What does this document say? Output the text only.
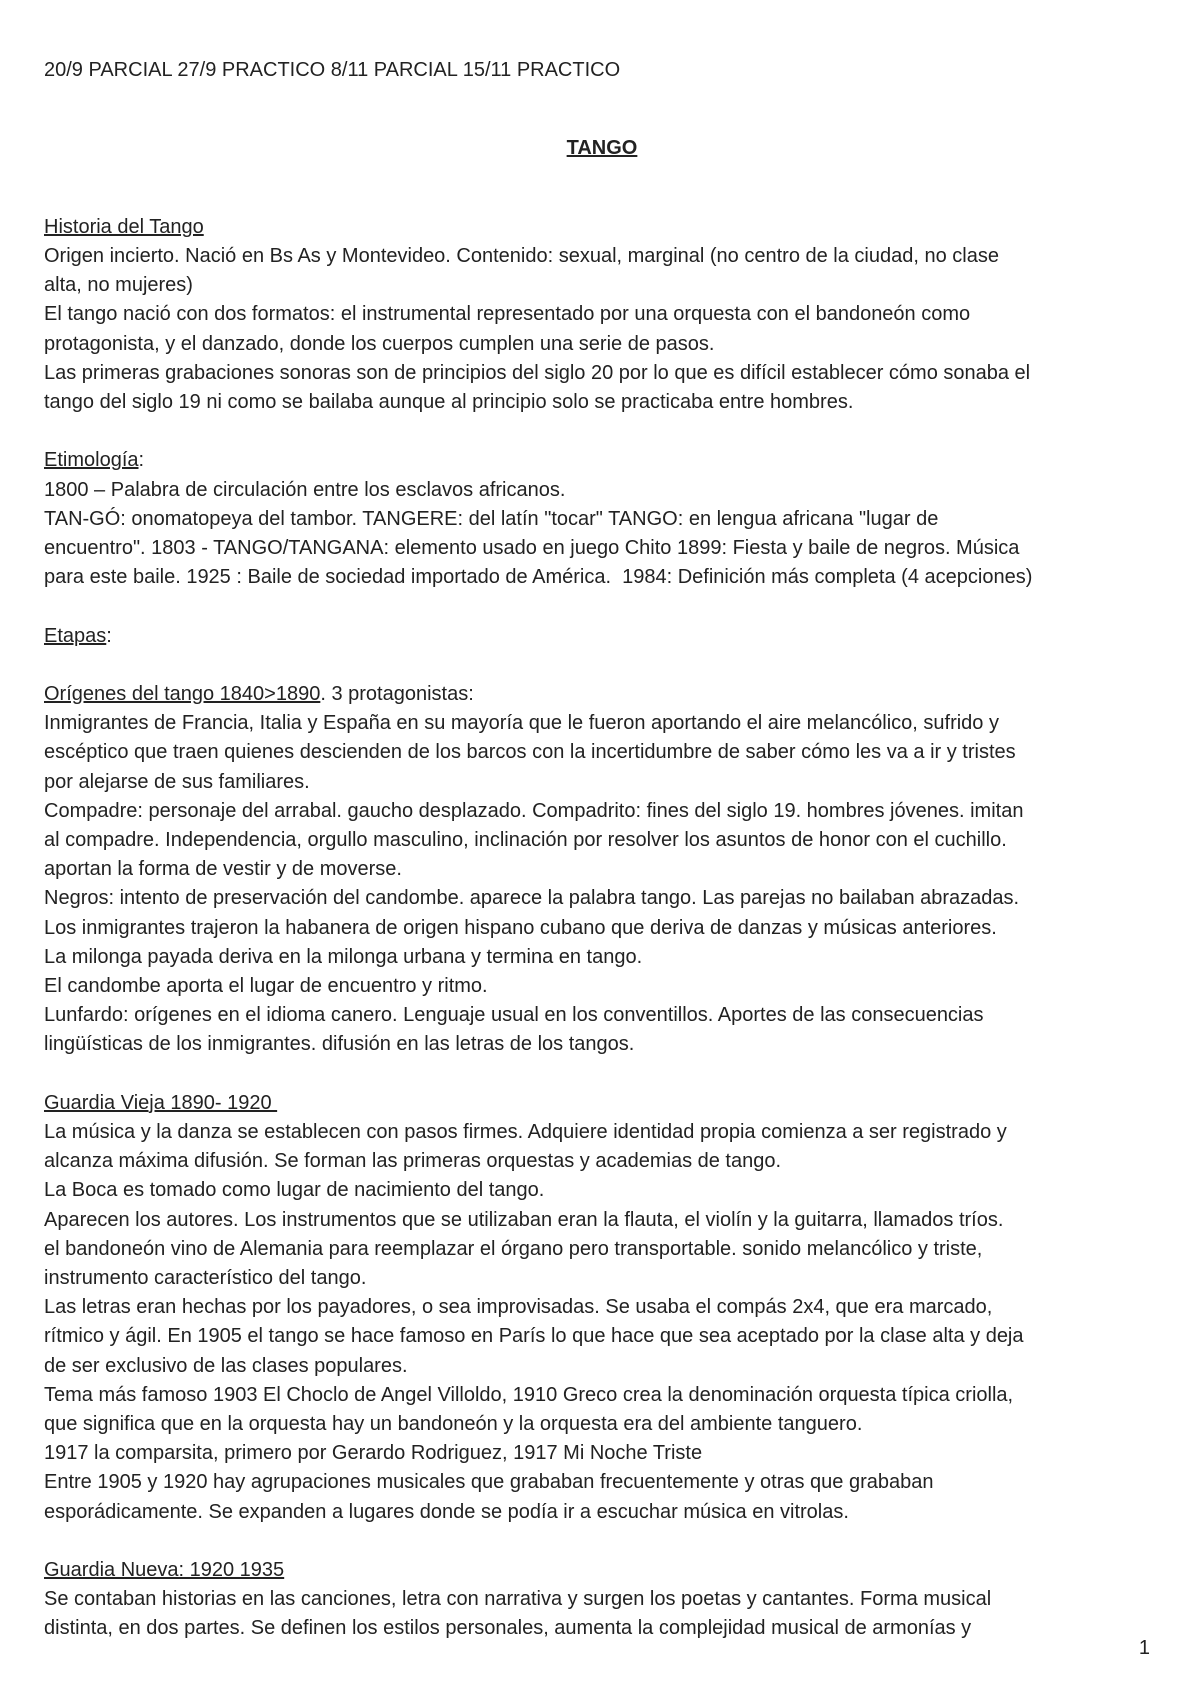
20/9 PARCIAL 27/9 PRACTICO 8/11 PARCIAL 15/11 PRACTICO

TANGO

Historia del Tango

Origen incierto. Nació en Bs As y Montevideo. Contenido: sexual, marginal (no centro de la ciudad, no clase

alta, no mujeres)

El tango nació con dos formatos: el instrumental representado por una orquesta con el bandoneón como

protagonista, y el danzado, donde los cuerpos cumplen una serie de pasos.

Las primeras grabaciones sonoras son de principios del siglo 20 por lo que es difícil establecer cómo sonaba el

tango del siglo 19 ni como se bailaba aunque al principio solo se practicaba entre hombres.

Etimología:

1800 – Palabra de circulación entre los esclavos africanos.

TAN-GÓ: onomatopeya del tambor. TANGERE: del latín "tocar" TANGO: en lengua africana "lugar de

encuentro". 1803 - TANGO/TANGANA: elemento usado en juego Chito 1899: Fiesta y baile de negros. Música

para este baile. 1925 : Baile de sociedad importado de América.  1984: Definición más completa (4 acepciones)

Etapas:

Orígenes del tango 1840>1890. 3 protagonistas:

Inmigrantes de Francia, Italia y España en su mayoría que le fueron aportando el aire melancólico, sufrido y

escéptico que traen quienes descienden de los barcos con la incertidumbre de saber cómo les va a ir y tristes

por alejarse de sus familiares.

Compadre: personaje del arrabal. gaucho desplazado. Compadrito: fines del siglo 19. hombres jóvenes. imitan

al compadre. Independencia, orgullo masculino, inclinación por resolver los asuntos de honor con el cuchillo.

aportan la forma de vestir y de moverse.

Negros: intento de preservación del candombe. aparece la palabra tango. Las parejas no bailaban abrazadas.

Los inmigrantes trajeron la habanera de origen hispano cubano que deriva de danzas y músicas anteriores.

La milonga payada deriva en la milonga urbana y termina en tango.

El candombe aporta el lugar de encuentro y ritmo.

Lunfardo: orígenes en el idioma canero. Lenguaje usual en los conventillos. Aportes de las consecuencias

lingüísticas de los inmigrantes. difusión en las letras de los tangos.

Guardia Vieja 1890- 1920

La música y la danza se establecen con pasos firmes. Adquiere identidad propia comienza a ser registrado y

alcanza máxima difusión. Se forman las primeras orquestas y academias de tango.

La Boca es tomado como lugar de nacimiento del tango.

Aparecen los autores. Los instrumentos que se utilizaban eran la flauta, el violín y la guitarra, llamados tríos.

el bandoneón vino de Alemania para reemplazar el órgano pero transportable. sonido melancólico y triste,

instrumento característico del tango.

Las letras eran hechas por los payadores, o sea improvisadas. Se usaba el compás 2x4, que era marcado,

rítmico y ágil. En 1905 el tango se hace famoso en París lo que hace que sea aceptado por la clase alta y deja

de ser exclusivo de las clases populares.

Tema más famoso 1903 El Choclo de Angel Villoldo, 1910 Greco crea la denominación orquesta típica criolla,

que significa que en la orquesta hay un bandoneón y la orquesta era del ambiente tanguero.

1917 la comparsita, primero por Gerardo Rodriguez, 1917 Mi Noche Triste

Entre 1905 y 1920 hay agrupaciones musicales que grababan frecuentemente y otras que grababan

esporádicamente. Se expanden a lugares donde se podía ir a escuchar música en vitrolas.

Guardia Nueva: 1920 1935

Se contaban historias en las canciones, letra con narrativa y surgen los poetas y cantantes. Forma musical

distinta, en dos partes. Se definen los estilos personales, aumenta la complejidad musical de armonías y

1
